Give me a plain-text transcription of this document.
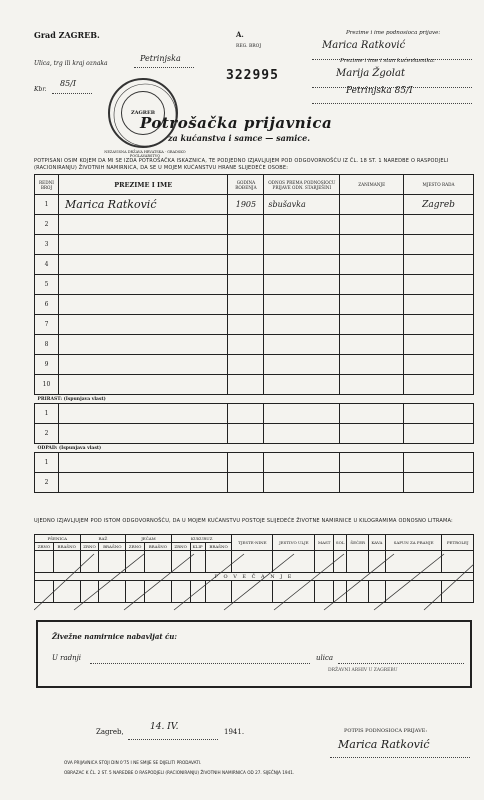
Grad ZAGREB.	A.
Ulica, trg ili kraj oznaka
Petrinjska
Kbr.
85/I
REG. BROJ
322995
Prezime i ime podnosioca prijave:
Marica Ratković
Prezime i ime i stan kućevlasnika:
Marija Žgolat
Petrinjska 85/I
ZAGREB
NEZAVISNA DRŽAVA HRVATSKA · GRADSKO POGLAVARSTVO
Potrošačka prijavnica
za kućanstva i samce — samice.
POTPISANI OSIM KOJEM DA MI SE IZDA POTROŠAČKA ISKAZNICA, TE PODJEDNO IZJAVLJUJEM POD ODGOVORNOŠĆU IZ ČL. 18 ST. 1 NAREDBE O RASPODJELI (RACIONIRANJU) ŽIVOTNIH NAMIRNICA, DA SE U MOJEM KUĆANSTVU HRANE SLIJEDEĆE OSOBE:
REDNI BROJ	PREZIME I IME	GODINA ROĐENJA	ODNOS PREMA PODNOSIOCU PRIJAVE ODN. STARJEŠINI	ZANIMANJE	MJESTO RADA
1	Marica Ratković	1905	sbušavka		Zagreb
2					
3					
4					
5					
6					
7					
8					
9					
10					
PRIRAST: (Ispunjava vlast)					
1					
2					
ODPAD: (Ispunjava vlast)					
1					
2					
UJEDNO IZJAVLJUJEM POD ISTOM ODGOVORNOŠĆU, DA U MOJEM KUĆANSTVU POSTOJE SLIJEDEĆE ŽIVOTNE NAMIRNICE U KILOGRAMIMA ODNOSNO LITRAMA:
PŠENICA		RAŽ		JEČAM		KUKURUZ			TJESTE-NINE	JESTIVO ULJE	MAST	SOL	ŠEĆER	KAVA	SAPUN ZA PRANJE	PETROLEJ
ZRNO	BRAŠNO	ZRNO	BRAŠNO	ZRNO	BRAŠNO	ZRNO	KLIP	BRAŠNO								

P O V E Č A N J E																

Živežne namirnice nabavljat ću:
U radnji	ulica
DRŽAVNI ARHIV U ZAGREBU
Zagreb,	14. IV.	1941.	POTPIS PODNOSIOCA PRIJAVE:
Marica Ratković
OVA PRIJAVNICA STOJI DIN 0'75 I NE SMIJE SE DIJELITI PRODAVATI.
OBRAZAC K ČL. 2 ST. 5 NAREDBE O RASPODJELI (RACIONIRANJU) ŽIVOTNIH NAMIRNICA OD 27. SIJEČNJA 1941.
